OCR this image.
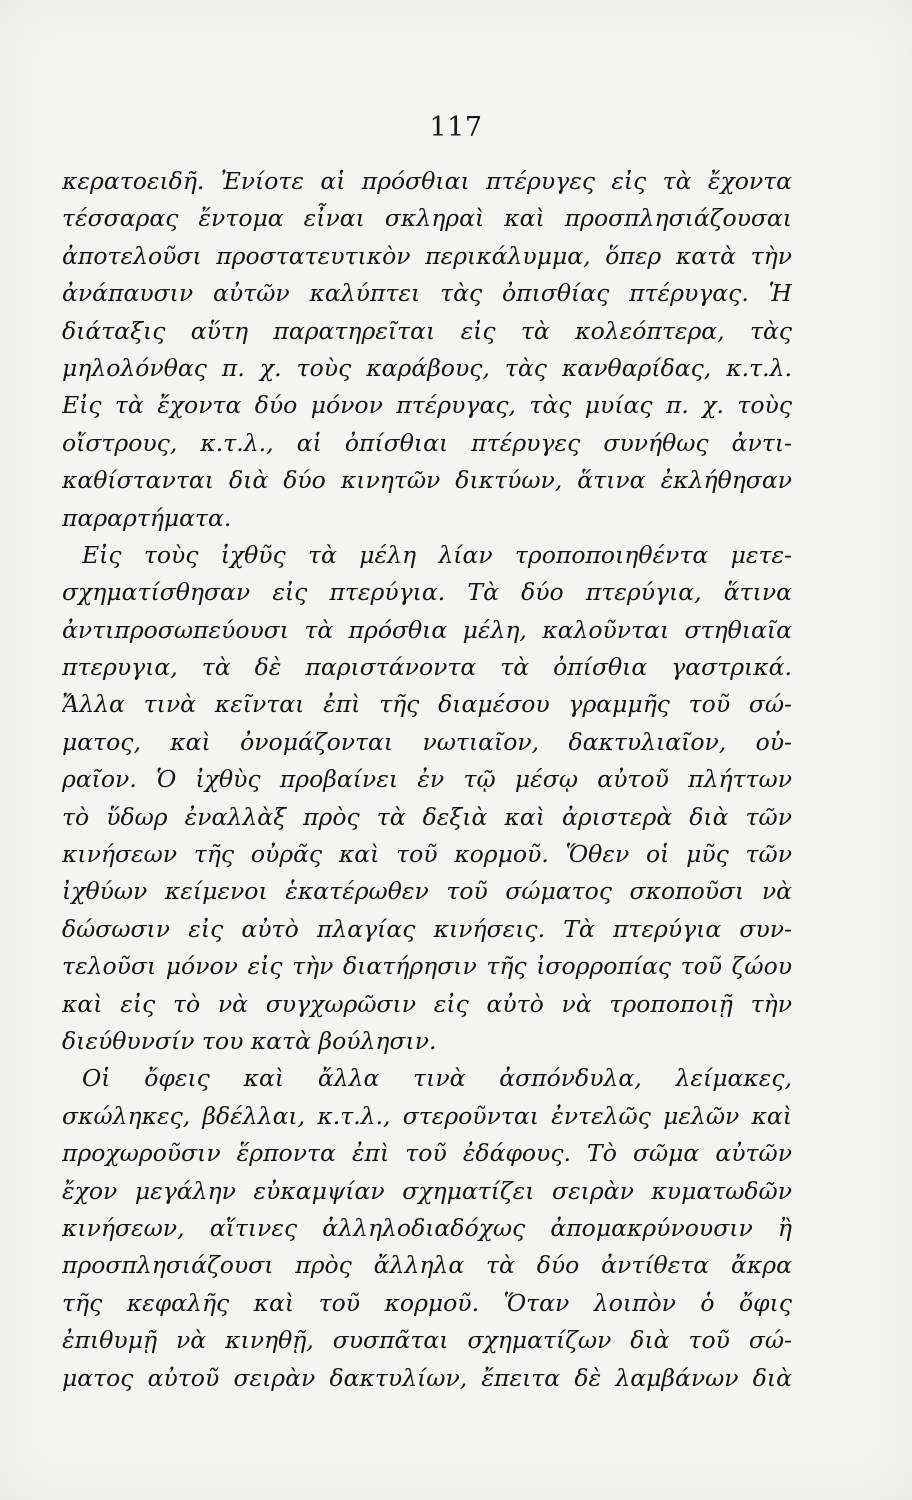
117
κερατοειδῆ. Ἐνίοτε αἱ πρόσθιαι πτέρυγες εἰς τὰ ἔχοντα
τέσσαρας ἔντομα εἶναι σκληραὶ καὶ προσπλησιάζουσαι
ἀποτελοῦσι προστατευτικὸν περικάλυμμα, ὅπερ κατὰ τὴν
ἀνάπαυσιν αὐτῶν καλύπτει τὰς ὀπισθίας πτέρυγας. Ἡ
διάταξις αὕτη παρατηρεῖται εἰς τὰ κολεόπτερα, τὰς
μηλολόνθας π. χ. τοὺς καράβους, τὰς κανθαρίδας, κ.τ.λ.
Εἰς τὰ ἔχοντα δύο μόνον πτέρυγας, τὰς μυίας π. χ. τοὺς
οἴστρους, κ.τ.λ., αἱ ὀπίσθιαι πτέρυγες συνήθως ἀντι-
καθίστανται διὰ δύο κινητῶν δικτύων, ἅτινα ἐκλήθησαν
παραρτήματα.
Εἰς τοὺς ἰχθῦς τὰ μέλη λίαν τροποποιηθέντα μετε-
σχηματίσθησαν εἰς πτερύγια. Τὰ δύο πτερύγια, ἅτινα
ἀντιπροσωπεύουσι τὰ πρόσθια μέλη, καλοῦνται στηθιαῖα
πτερυγια, τὰ δὲ παριστάνοντα τὰ ὀπίσθια γαστρικά.
Ἄλλα τινὰ κεῖνται ἐπὶ τῆς διαμέσου γραμμῆς τοῦ σώ-
ματος, καὶ ὀνομάζονται νωτιαῖον, δακτυλιαῖον, οὐ-
ραῖον. Ὁ ἰχθὺς προβαίνει ἐν τῷ μέσῳ αὐτοῦ πλήττων
τὸ ὕδωρ ἐναλλὰξ πρὸς τὰ δεξιὰ καὶ ἀριστερὰ διὰ τῶν
κινήσεων τῆς οὐρᾶς καὶ τοῦ κορμοῦ. Ὅθεν οἱ μῦς τῶν
ἰχθύων κείμενοι ἑκατέρωθεν τοῦ σώματος σκοποῦσι νὰ
δώσωσιν εἰς αὐτὸ πλαγίας κινήσεις. Τὰ πτερύγια συν-
τελοῦσι μόνον εἰς τὴν διατήρησιν τῆς ἰσορροπίας τοῦ ζώου
καὶ εἰς τὸ νὰ συγχωρῶσιν εἰς αὐτὸ νὰ τροποποιῇ τὴν
διεύθυνσίν του κατὰ βούλησιν.
Οἱ ὄφεις καὶ ἄλλα τινὰ ἀσπόνδυλα, λείμακες,
σκώληκες, βδέλλαι, κ.τ.λ., στεροῦνται ἐντελῶς μελῶν καὶ
προχωροῦσιν ἕρποντα ἐπὶ τοῦ ἐδάφους. Τὸ σῶμα αὐτῶν
ἔχον μεγάλην εὐκαμψίαν σχηματίζει σειρὰν κυματωδῶν
κινήσεων, αἵτινες ἀλληλοδιαδόχως ἀπομακρύνουσιν ἢ
προσπλησιάζουσι πρὸς ἄλληλα τὰ δύο ἀντίθετα ἄκρα
τῆς κεφαλῆς καὶ τοῦ κορμοῦ. Ὅταν λοιπὸν ὁ ὄφις
ἐπιθυμῇ νὰ κινηθῇ, συσπᾶται σχηματίζων διὰ τοῦ σώ-
ματος αὐτοῦ σειρὰν δακτυλίων, ἔπειτα δὲ λαμβάνων διὰ
